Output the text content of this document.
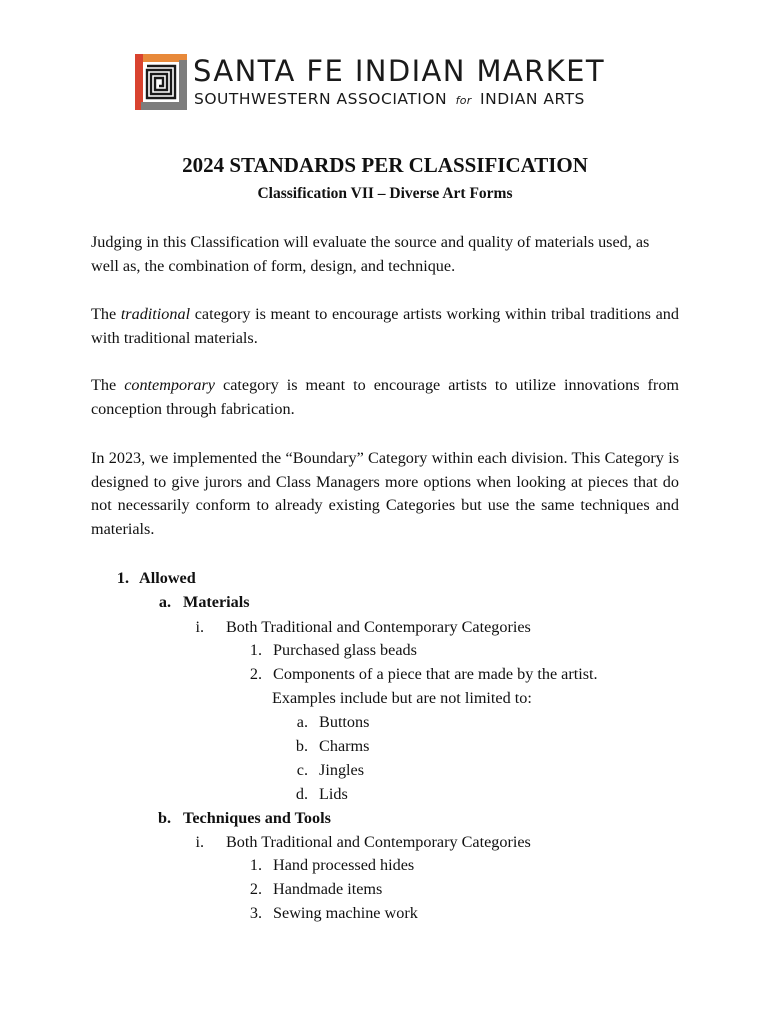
SANTA FE INDIAN MARKET
SOUTHWESTERN ASSOCIATION for INDIAN ARTS
2024 STANDARDS PER CLASSIFICATION
Classification VII – Diverse Art Forms

Judging in this Classification will evaluate the source and quality of materials used, as well as, the combination of form, design, and technique.

The traditional category is meant to encourage artists working within tribal traditions and with traditional materials.

The contemporary category is meant to encourage artists to utilize innovations from conception through fabrication.

In 2023, we implemented the “Boundary” Category within each division. This Category is designed to give jurors and Class Managers more options when looking at pieces that do not necessarily conform to already existing Categories but use the same techniques and materials.

1. Allowed
a. Materials
i. Both Traditional and Contemporary Categories
1. Purchased glass beads
2. Components of a piece that are made by the artist.
Examples include but are not limited to:
a. Buttons
b. Charms
c. Jingles
d. Lids
b. Techniques and Tools
i. Both Traditional and Contemporary Categories
1. Hand processed hides
2. Handmade items
3. Sewing machine work
